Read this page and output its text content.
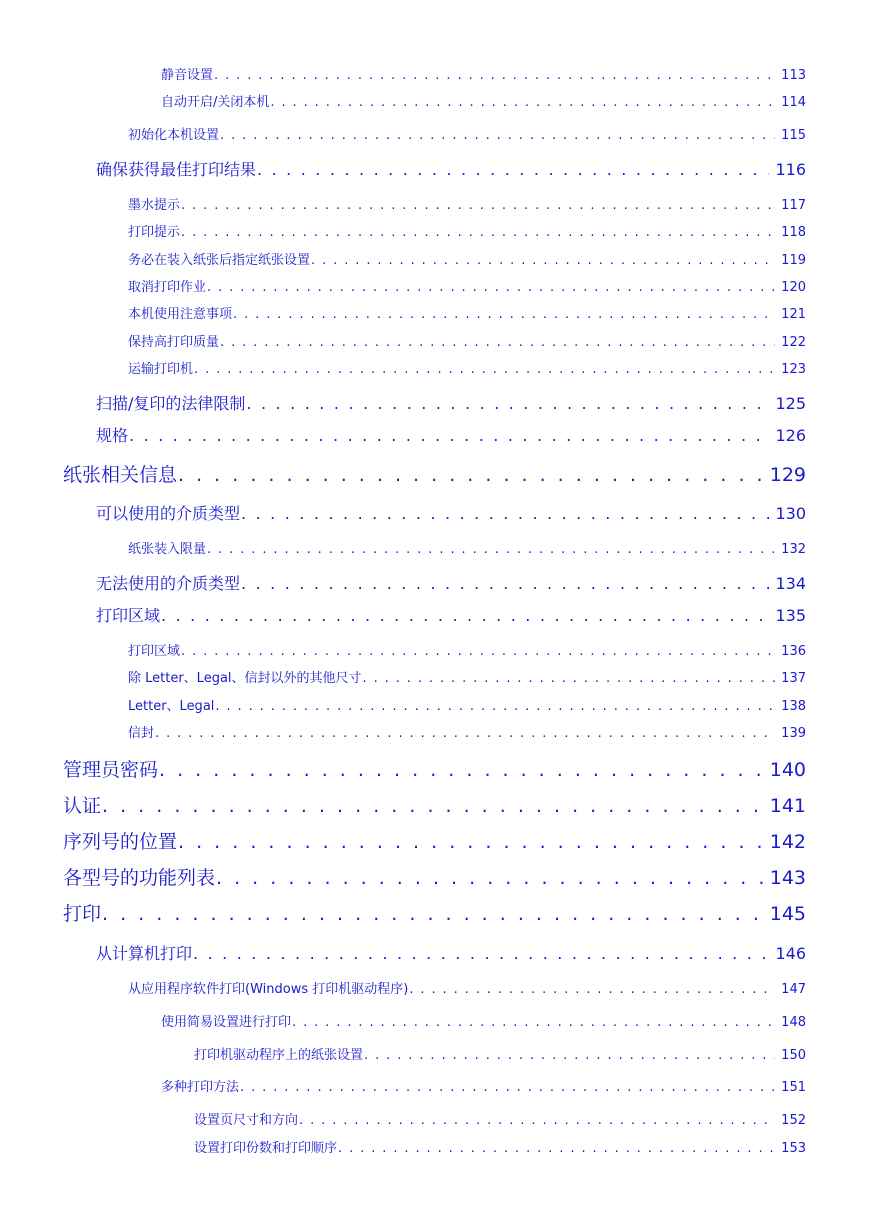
静音设置 . . .	113
自动开启/关闭本机 . . .	114
初始化本机设置 . . .	115
确保获得最佳打印结果 . . .	116
墨水提示 . . .	117
打印提示 . . .	118
务必在装入纸张后指定纸张设置 . . .	119
取消打印作业 . . .	120
本机使用注意事项 . . .	121
保持高打印质量 . . .	122
运输打印机 . . .	123
扫描/复印的法律限制 . . .	125
规格 . . .	126
纸张相关信息 . . .	129
可以使用的介质类型 . . .	130
纸张装入限量 . . .	132
无法使用的介质类型 . . .	134
打印区域 . . .	135
打印区域 . . .	136
除 Letter、Legal、信封以外的其他尺寸 . . .	137
Letter、Legal . . .	138
信封 . . .	139
管理员密码 . . .	140
认证 . . .	141
序列号的位置 . . .	142
各型号的功能列表 . . .	143
打印 . . .	145
从计算机打印 . . .	146
从应用程序软件打印(Windows 打印机驱动程序) . . .	147
使用简易设置进行打印 . . .	148
打印机驱动程序上的纸张设置 . . .	150
多种打印方法 . . .	151
设置页尺寸和方向 . . .	152
设置打印份数和打印顺序 . . .	153
